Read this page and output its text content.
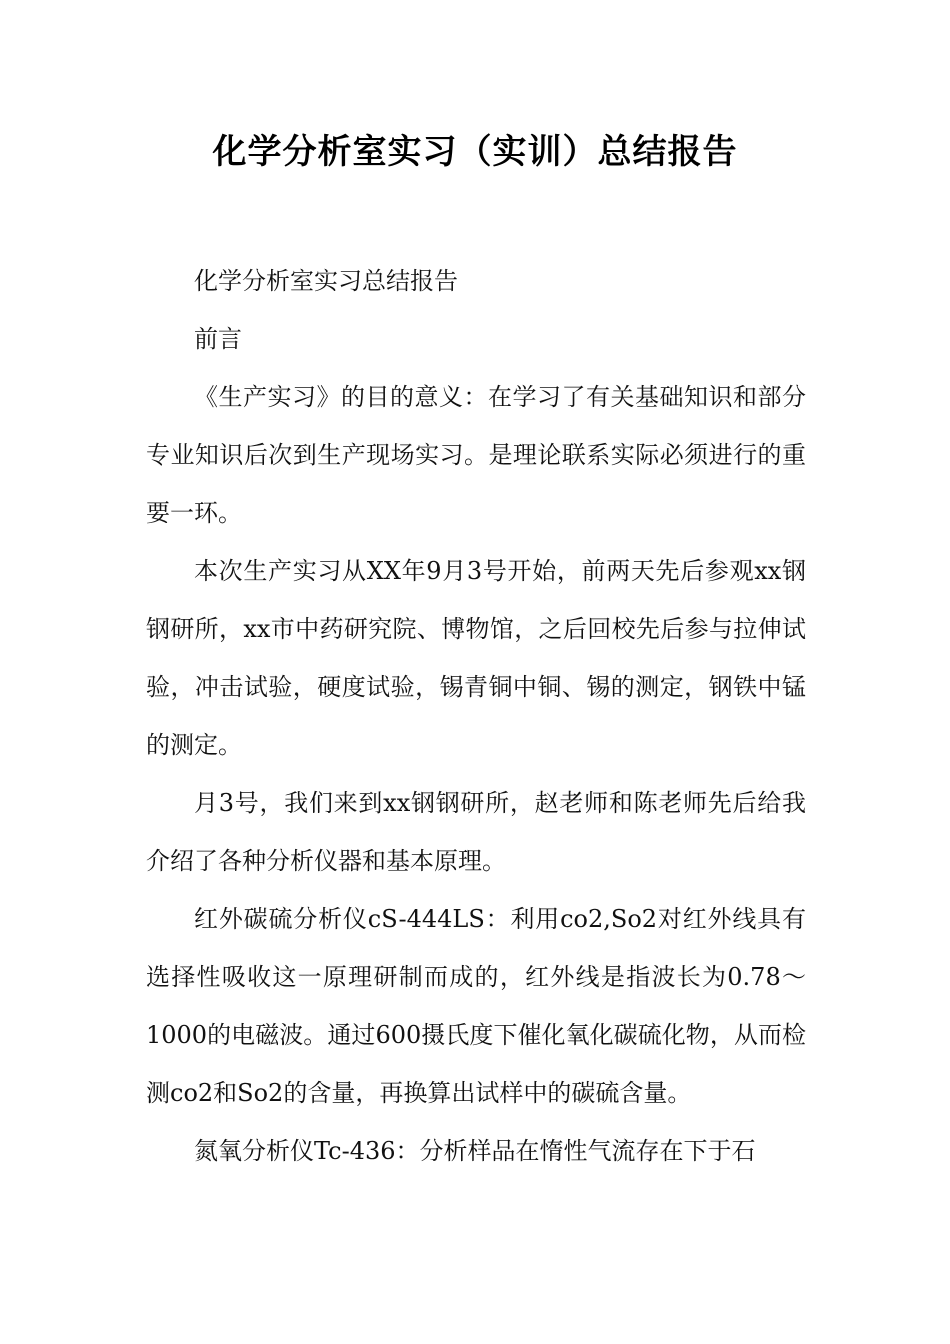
化学分析室实习（实训）总结报告

化学分析室实习总结报告

前言

《生产实习》的目的意义：在学习了有关基础知识和部分专业知识后次到生产现场实习。是理论联系实际必须进行的重要一环。

本次生产实习从XX年9月3号开始，前两天先后参观xx钢钢研所，xx市中药研究院、博物馆，之后回校先后参与拉伸试验，冲击试验，硬度试验，锡青铜中铜、锡的测定，钢铁中锰的测定。

月3号，我们来到xx钢钢研所，赵老师和陈老师先后给我介绍了各种分析仪器和基本原理。

红外碳硫分析仪cS-444LS：利用co2,So2对红外线具有选择性吸收这一原理研制而成的，红外线是指波长为0.78～1000的电磁波。通过600摄氏度下催化氧化碳硫化物，从而检测co2和So2的含量，再换算出试样中的碳硫含量。

氮氧分析仪Tc-436：分析样品在惰性气流存在下于石
